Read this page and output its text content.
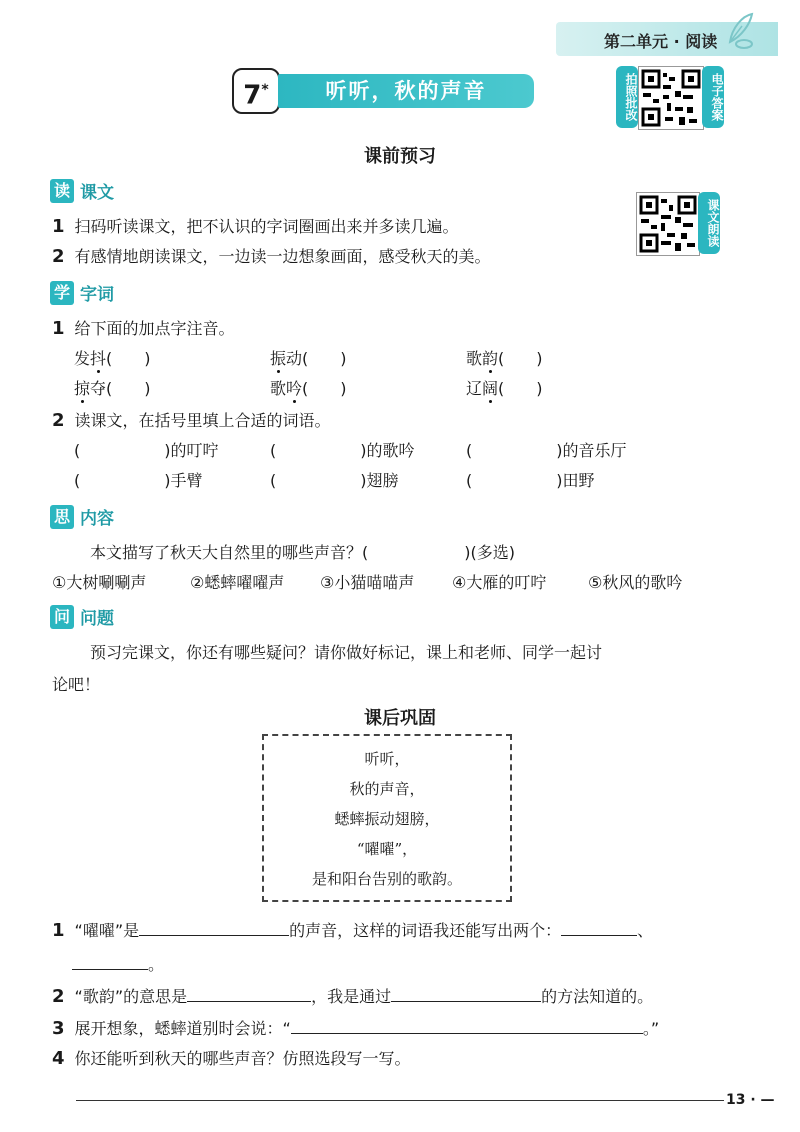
第二单元 · 阅读
7*	听听，秋的声音	拍照批改	电子答案
课文朗读
课前预习
读 课文
1 扫码听读课文，把不认识的字词圈画出来并多读几遍。
2 有感情地朗读课文，一边读一边想象画面，感受秋天的美。
学 字词
1 给下面的加点字注音。
发抖(　　)	振动(　　)	歌韵(　　)
掠夺(　　)	歌吟(　　)	辽阔(　　)
2 读课文，在括号里填上合适的词语。
(	)的叮咛	(	)的歌吟	(	)的音乐厅
(	)手臂	(	)翅膀	(	)田野
思 内容
本文描写了秋天大自然里的哪些声音？(　　　　　　)(多选)
①大树唰唰声	②蟋蟀嚁嚁声 ③小猫喵喵声 ④大雁的叮咛	⑤秋风的歌吟
问 问题
预习完课文，你还有哪些疑问？请你做好标记，课上和老师、同学一起讨
论吧！
课后巩固
听听，
秋的声音，
蟋蟀振动翅膀，
“嚁嚁”，
是和阳台告别的歌韵。
1 “嚁嚁”是	的声音，这样的词语我还能写出两个：	、
。
2 “歌韵”的意思是	，我是通过	的方法知道的。
3 展开想象，蟋蟀道别时会说：“	。”
4 你还能听到秋天的哪些声音？仿照选段写一写。
13 · —
